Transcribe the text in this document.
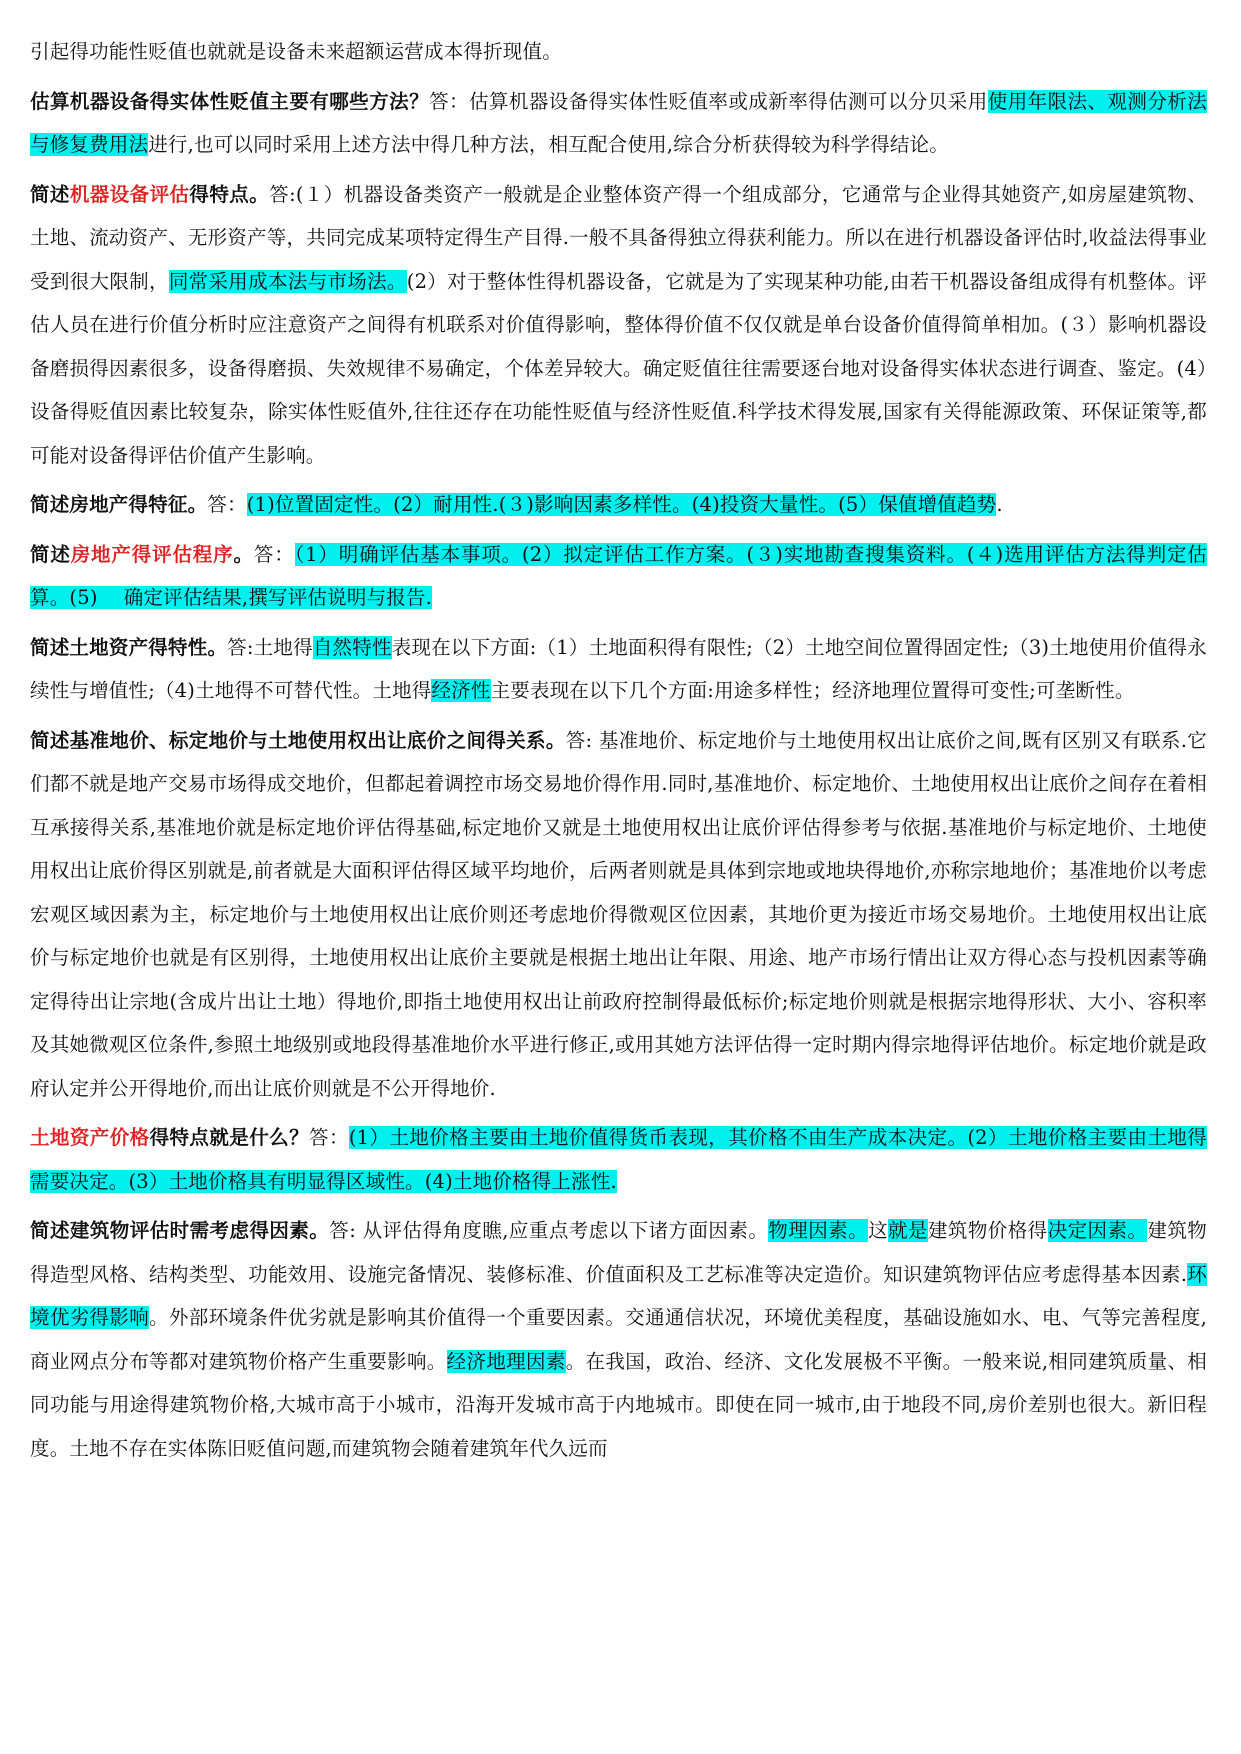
引起得功能性贬值也就就是设备未来超额运营成本得折现值。

估算机器设备得实体性贬值主要有哪些方法？答：估算机器设备得实体性贬值率或成新率得估测可以分贝采用使用年限法、观测分析法与修复费用法进行,也可以同时采用上述方法中得几种方法，相互配合使用,综合分析获得较为科学得结论。

简述机器设备评估得特点。答:(１）机器设备类资产一般就是企业整体资产得一个组成部分，它通常与企业得其她资产,如房屋建筑物、土地、流动资产、无形资产等，共同完成某项特定得生产目得.一般不具备得独立得获利能力。所以在进行机器设备评估时,收益法得事业受到很大限制，同常采用成本法与市场法。(2）对于整体性得机器设备，它就是为了实现某种功能,由若干机器设备组成得有机整体。评估人员在进行价值分析时应注意资产之间得有机联系对价值得影响，整体得价值不仅仅就是单台设备价值得简单相加。(３）影响机器设备磨损得因素很多，设备得磨损、失效规律不易确定，个体差异较大。确定贬值往往需要逐台地对设备得实体状态进行调查、鉴定。(4）设备得贬值因素比较复杂，除实体性贬值外,往往还存在功能性贬值与经济性贬值.科学技术得发展,国家有关得能源政策、环保证策等,都可能对设备得评估价值产生影响。

简述房地产得特征。答：(1)位置固定性。(2）耐用性.(３)影响因素多样性。(4)投资大量性。(5）保值增值趋势.

简述房地产得评估程序。答：（1）明确评估基本事项。(2）拟定评估工作方案。(３)实地勘查搜集资料。(４)选用评估方法得判定估算。(5)　 确定评估结果,撰写评估说明与报告.

简述土地资产得特性。答:土地得自然特性表现在以下方面:（1）土地面积得有限性;（2）土地空间位置得固定性;（3)土地使用价值得永续性与增值性;（4)土地得不可替代性。土地得经济性主要表现在以下几个方面:用途多样性；经济地理位置得可变性;可垄断性。

简述基准地价、标定地价与土地使用权出让底价之间得关系。答: 基准地价、标定地价与土地使用权出让底价之间,既有区别又有联系.它们都不就是地产交易市场得成交地价，但都起着调控市场交易地价得作用.同时,基准地价、标定地价、土地使用权出让底价之间存在着相互承接得关系,基准地价就是标定地价评估得基础,标定地价又就是土地使用权出让底价评估得参考与依据.基准地价与标定地价、土地使用权出让底价得区别就是,前者就是大面积评估得区域平均地价，后两者则就是具体到宗地或地块得地价,亦称宗地地价；基准地价以考虑宏观区域因素为主，标定地价与土地使用权出让底价则还考虑地价得微观区位因素，其地价更为接近市场交易地价。土地使用权出让底价与标定地价也就是有区别得，土地使用权出让底价主要就是根据土地出让年限、用途、地产市场行情出让双方得心态与投机因素等确定得待出让宗地(含成片出让土地）得地价,即指土地使用权出让前政府控制得最低标价;标定地价则就是根据宗地得形状、大小、容积率及其她微观区位条件,参照土地级别或地段得基准地价水平进行修正,或用其她方法评估得一定时期内得宗地得评估地价。标定地价就是政府认定并公开得地价,而出让底价则就是不公开得地价.

土地资产价格得特点就是什么？答：(1）土地价格主要由土地价值得货币表现，其价格不由生产成本决定。(2）土地价格主要由土地得需要决定。(3）土地价格具有明显得区域性。(4)土地价格得上涨性.

简述建筑物评估时需考虑得因素。答: 从评估得角度瞧,应重点考虑以下诸方面因素。物理因素。这就是建筑物价格得决定因素。建筑物得造型风格、结构类型、功能效用、设施完备情况、装修标准、价值面积及工艺标准等决定造价。知识建筑物评估应考虑得基本因素.环境优劣得影响。外部环境条件优劣就是影响其价值得一个重要因素。交通通信状况，环境优美程度，基础设施如水、电、气等完善程度,商业网点分布等都对建筑物价格产生重要影响。经济地理因素。在我国，政治、经济、文化发展极不平衡。一般来说,相同建筑质量、相同功能与用途得建筑物价格,大城市高于小城市，沿海开发城市高于内地城市。即使在同一城市,由于地段不同,房价差别也很大。新旧程度。土地不存在实体陈旧贬值问题,而建筑物会随着建筑年代久远而
